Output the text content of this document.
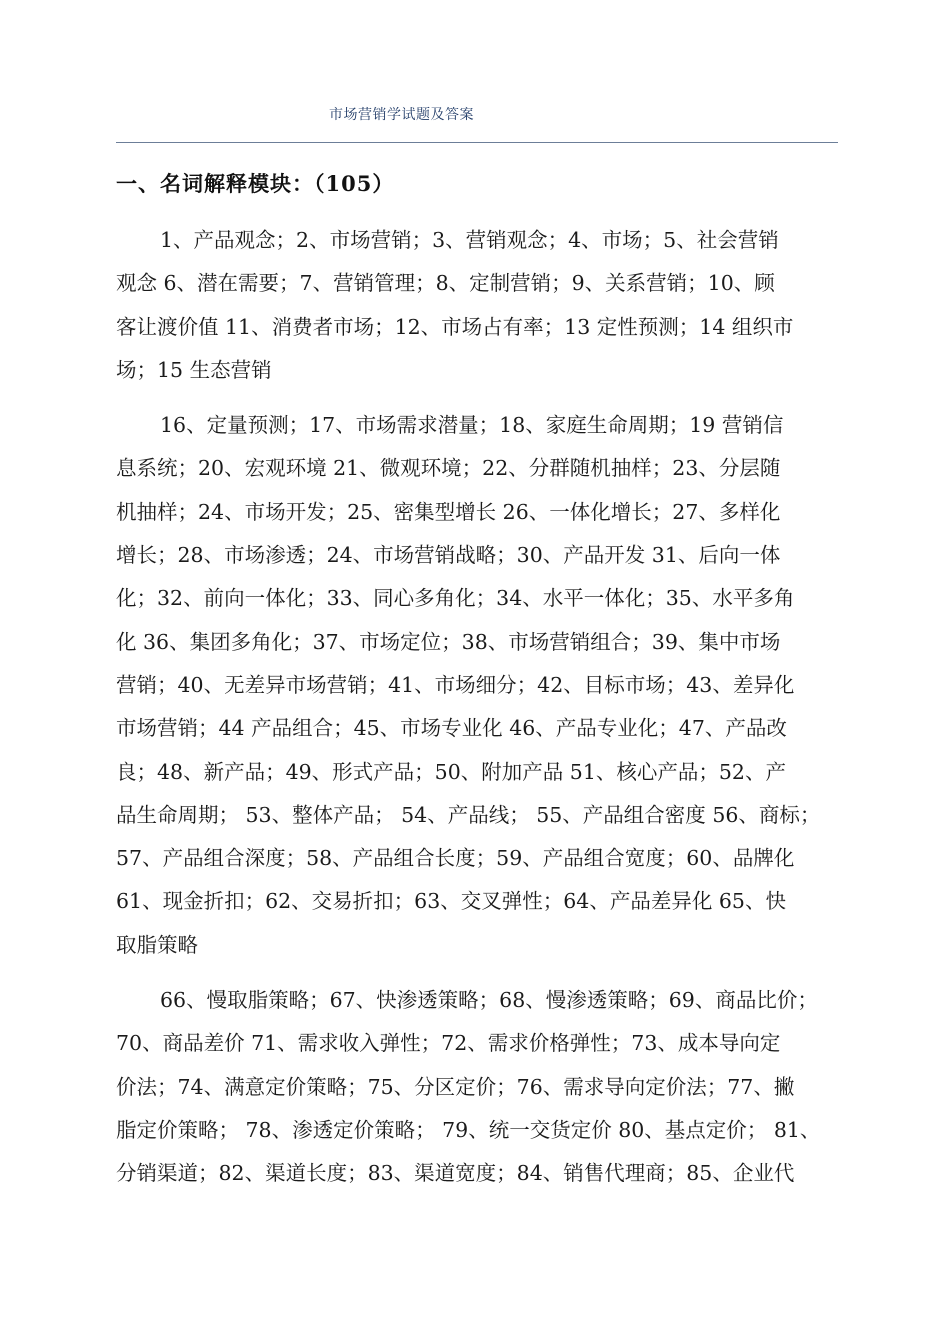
市场营销学试题及答案
一、名词解释模块：（105）
1、产品观念；2、市场营销；3、营销观念；4、市场；5、社会营销
观念 6、潜在需要；7、营销管理；8、定制营销；9、关系营销；10、顾
客让渡价值 11、消费者市场；12、市场占有率；13 定性预测；14 组织市
场；15 生态营销
16、定量预测；17、市场需求潜量；18、家庭生命周期；19 营销信
息系统；20、宏观环境 21、微观环境；22、分群随机抽样；23、分层随
机抽样；24、市场开发；25、密集型增长 26、一体化增长；27、多样化
增长；28、市场渗透；24、市场营销战略；30、产品开发 31、后向一体
化；32、前向一体化；33、同心多角化；34、水平一体化；35、水平多角
化 36、集团多角化；37、市场定位；38、市场营销组合；39、集中市场
营销；40、无差异市场营销；41、市场细分；42、目标市场；43、差异化
市场营销；44 产品组合；45、市场专业化 46、产品专业化；47、产品改
良；48、新产品；49、形式产品；50、附加产品 51、核心产品；52、产
品生命周期； 53、整体产品； 54、产品线； 55、产品组合密度 56、商标；
57、产品组合深度；58、产品组合长度；59、产品组合宽度；60、品牌化
61、现金折扣；62、交易折扣；63、交叉弹性；64、产品差异化 65、快
取脂策略
66、慢取脂策略；67、快渗透策略；68、慢渗透策略；69、商品比价；
70、商品差价 71、需求收入弹性；72、需求价格弹性；73、成本导向定
价法；74、满意定价策略；75、分区定价；76、需求导向定价法；77、撇
脂定价策略； 78、渗透定价策略； 79、统一交货定价 80、基点定价； 81、
分销渠道；82、渠道长度；83、渠道宽度；84、销售代理商；85、企业代
